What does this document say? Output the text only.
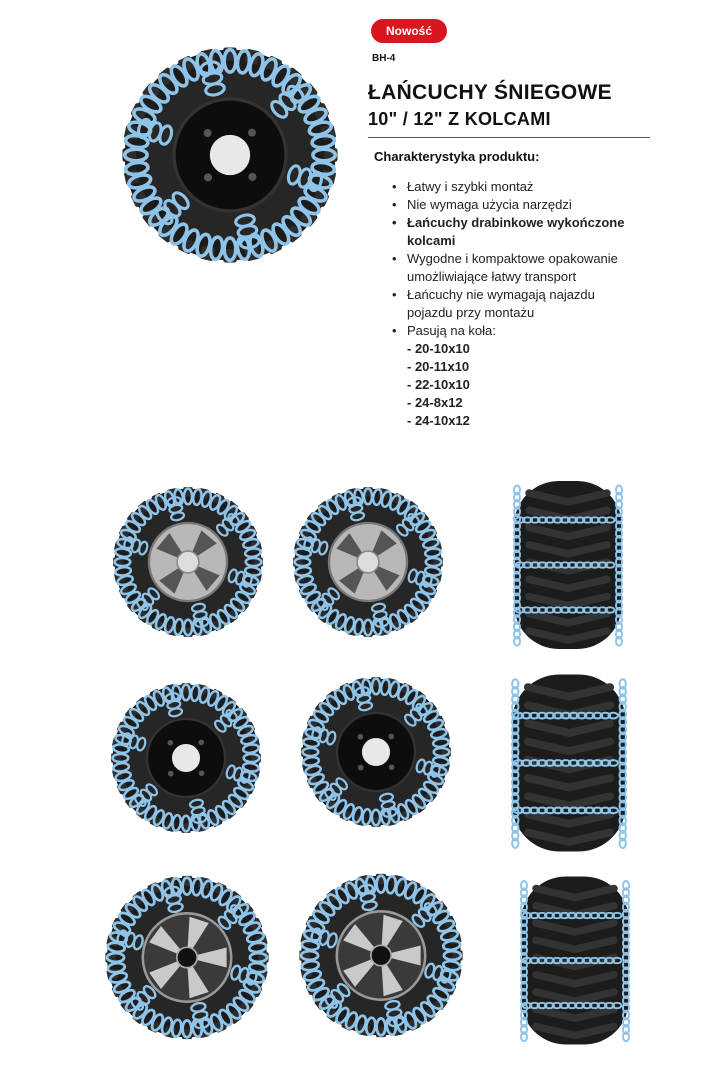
Nowość
BH-4
ŁAŃCUCHY ŚNIEGOWE
10" / 12" Z KOLCAMI
Charakterystyka produktu:
• Łatwy i szybki montaż
• Nie wymaga użycia narzędzi
• Łańcuchy drabinkowe wykończone kolcami
• Wygodne i kompaktowe opakowanie umożliwiające łatwy transport
• Łańcuchy nie wymagają najazdu pojazdu przy montażu
• Pasują na koła:
- 20-10x10
- 20-11x10
- 22-10x10
- 24-8x12
- 24-10x12
